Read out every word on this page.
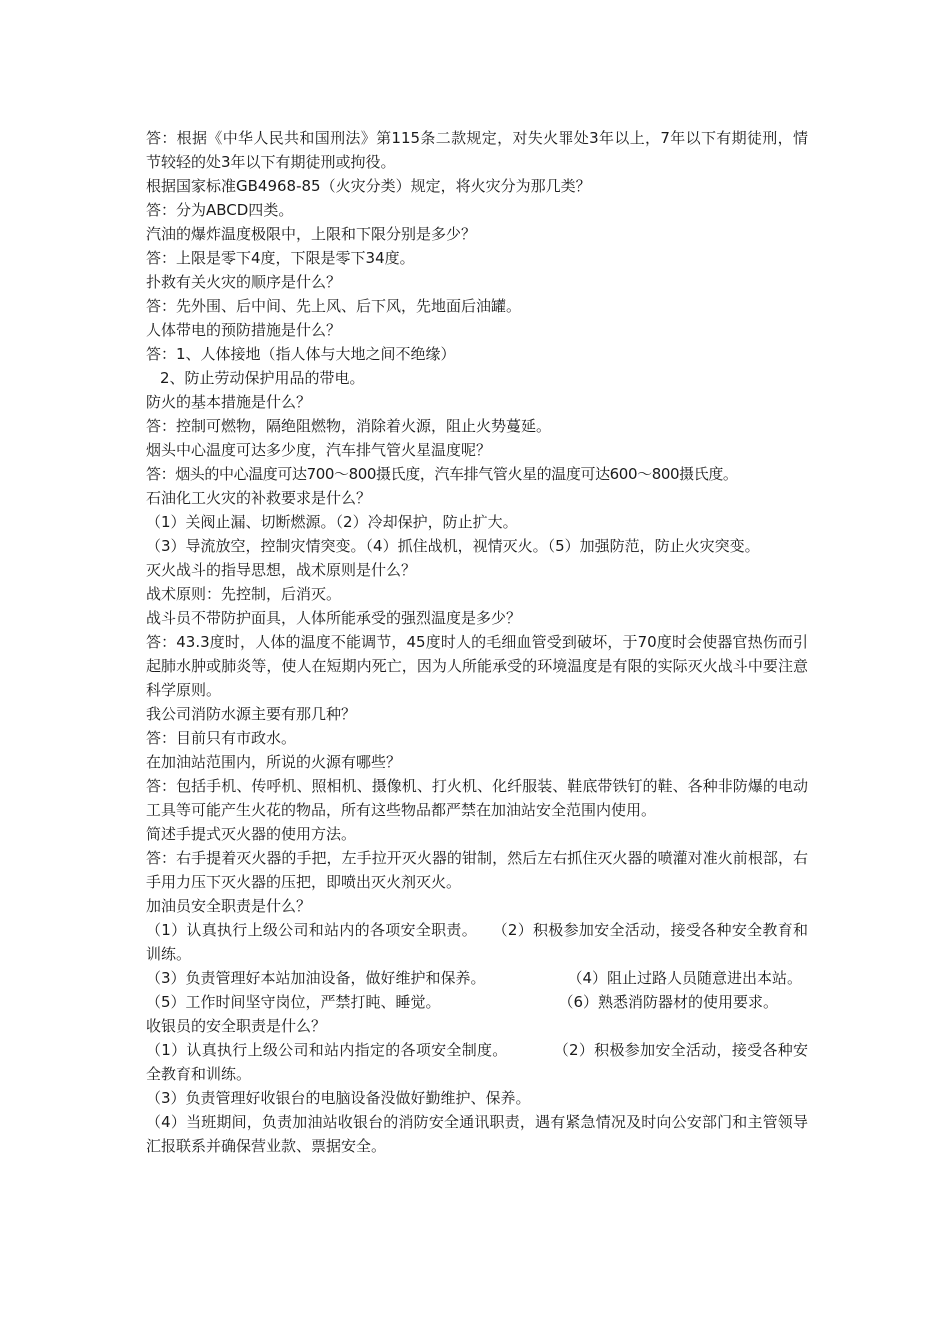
答：根据《中华人民共和国刑法》第115条二款规定，对失火罪处3年以上，7年以下有期徒刑，情节较轻的处3年以下有期徒刑或拘役。

根据国家标准GB4968-85（火灾分类）规定，将火灾分为那几类？

答：分为ABCD四类。

汽油的爆炸温度极限中，上限和下限分别是多少？

答：上限是零下4度，下限是零下34度。

扑救有关火灾的顺序是什么？

答：先外围、后中间、先上风、后下风，先地面后油罐。

人体带电的预防措施是什么？

答：1、人体接地（指人体与大地之间不绝缘）

2、防止劳动保护用品的带电。

防火的基本措施是什么？

答：控制可燃物，隔绝阻燃物，消除着火源，阻止火势蔓延。

烟头中心温度可达多少度，汽车排气管火星温度呢？

答：烟头的中心温度可达700～800摄氏度，汽车排气管火星的温度可达600～800摄氏度。

石油化工火灾的补救要求是什么？

（1）关阀止漏、切断燃源。（2）冷却保护，防止扩大。

（3）导流放空，控制灾情突变。（4）抓住战机，视情灭火。（5）加强防范，防止火灾突变。

灭火战斗的指导思想，战术原则是什么？

战术原则：先控制，后消灭。

战斗员不带防护面具，人体所能承受的强烈温度是多少？

答：43.3度时，人体的温度不能调节，45度时人的毛细血管受到破坏，于70度时会使器官热伤而引起肺水肿或肺炎等，使人在短期内死亡，因为人所能承受的环境温度是有限的实际灭火战斗中要注意科学原则。

我公司消防水源主要有那几种？

答：目前只有市政水。

在加油站范围内，所说的火源有哪些？

答：包括手机、传呼机、照相机、摄像机、打火机、化纤服装、鞋底带铁钉的鞋、各种非防爆的电动工具等可能产生火花的物品，所有这些物品都严禁在加油站安全范围内使用。

简述手提式灭火器的使用方法。

答：右手提着灭火器的手把，左手拉开灭火器的钳制，然后左右抓住灭火器的喷灌对准火前根部，右手用力压下灭火器的压把，即喷出灭火剂灭火。

加油员安全职责是什么？

（1）认真执行上级公司和站内的各项安全职责。　　（2）积极参加安全活动，接受各种安全教育和训练。

（3）负责管理好本站加油设备，做好维护和保养。	（4）阻止过路人员随意进出本站。
（5）工作时间坚守岗位，严禁打盹、睡觉。	（6）熟悉消防器材的使用要求。

收银员的安全职责是什么？

（1）认真执行上级公司和站内指定的各项安全制度。　　　　（2）积极参加安全活动，接受各种安全教育和训练。

（3）负责管理好收银台的电脑设备没做好勤维护、保养。

（4）当班期间，负责加油站收银台的消防安全通讯职责，遇有紧急情况及时向公安部门和主管领导汇报联系并确保营业款、票据安全。
